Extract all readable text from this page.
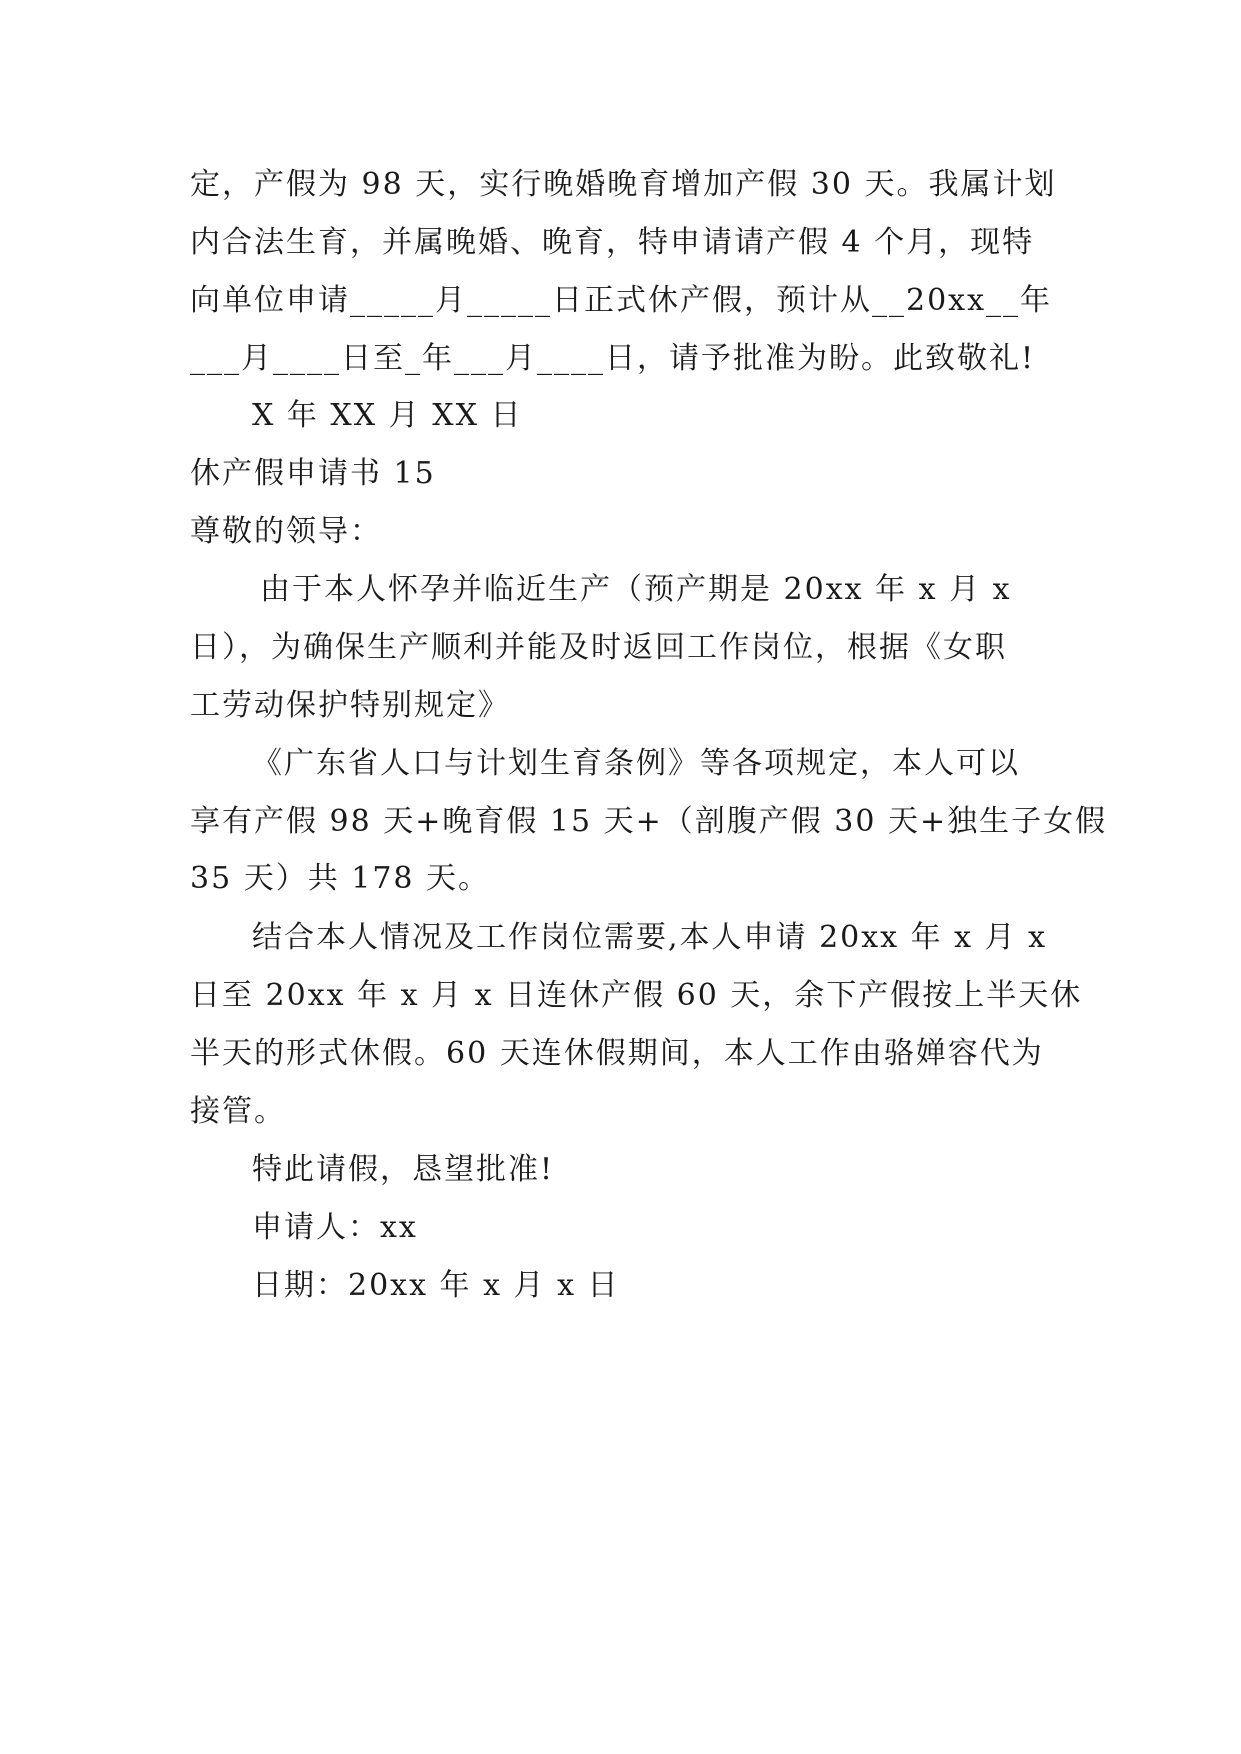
定，产假为 98 天，实行晚婚晚育增加产假 30 天。我属计划
内合法生育，并属晚婚、晚育，特申请请产假 4 个月，现特
向单位申请_____月_____日正式休产假，预计从__20xx__年
___月____日至_年___月____日，请予批准为盼。此致敬礼!
X 年 XX 月 XX 日
休产假申请书 15
尊敬的领导：
由于本人怀孕并临近生产（预产期是 20xx 年 x 月 x
日），为确保生产顺利并能及时返回工作岗位，根据《女职
工劳动保护特别规定》
《广东省人口与计划生育条例》等各项规定，本人可以
享有产假 98 天+晚育假 15 天+（剖腹产假 30 天+独生子女假
35 天）共 178 天。
结合本人情况及工作岗位需要,本人申请 20xx 年 x 月 x
日至 20xx 年 x 月 x 日连休产假 60 天，余下产假按上半天休
半天的形式休假。60 天连休假期间，本人工作由骆婵容代为
接管。
特此请假，恳望批准!
申请人：xx
日期：20xx 年 x 月 x 日
